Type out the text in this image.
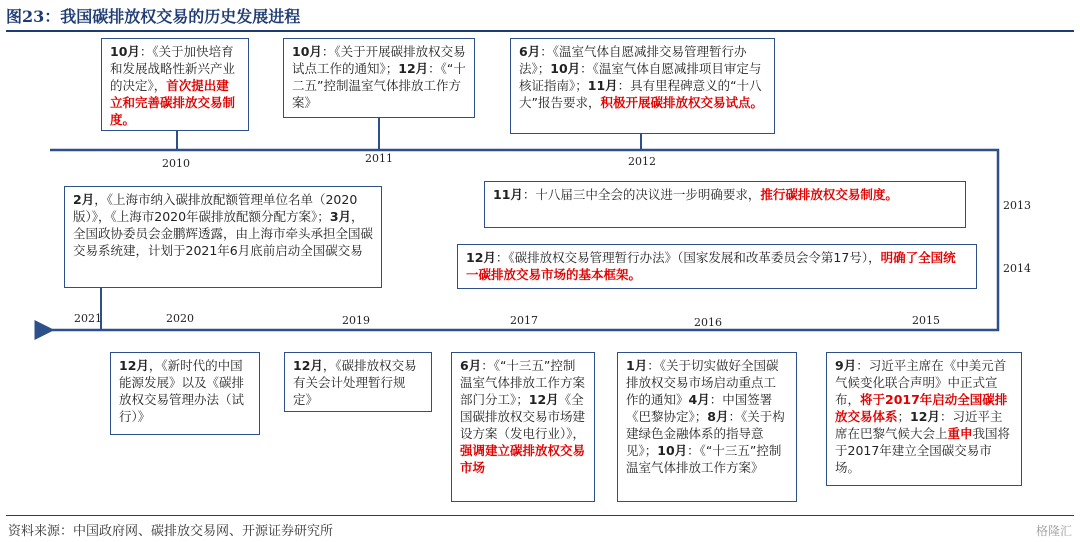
图23：我国碳排放权交易的历史发展进程
2010	2011	2012
2013
2014
2021	2020	2019	2017	2016	2015
10月：《关于加快培育和发展战略性新兴产业的决定》，首次提出建立和完善碳排放交易制度。
10月：《关于开展碳排放权交易试点工作的通知》；12月：《“十二五”控制温室气体排放工作方案》
6月：《温室气体自愿减排交易管理暂行办法》；10月：《温室气体自愿减排项目审定与核证指南》；11月：具有里程碑意义的“十八大”报告要求，积极开展碳排放权交易试点。
2月，《上海市纳入碳排放配额管理单位名单（2020版）》，《上海市2020年碳排放配额分配方案》；3月，全国政协委员会金鹏辉透露，由上海市牵头承担全国碳交易系统建，计划于2021年6月底前启动全国碳交易
11月：十八届三中全会的决议进一步明确要求，推行碳排放权交易制度。
12月：《碳排放权交易管理暂行办法》（国家发展和改革委员会令第17号），明确了全国统一碳排放交易市场的基本框架。
12月，《新时代的中国能源发展》以及《碳排放权交易管理办法（试行）》
12月，《碳排放权交易有关会计处理暂行规定》
6月：《“十三五”控制温室气体排放工作方案部门分工》；12月《全国碳排放权交易市场建设方案（发电行业）》，强调建立碳排放权交易市场
1月：《关于切实做好全国碳排放权交易市场启动重点工作的通知》4月：中国签署《巴黎协定》；8月：《关于构建绿色金融体系的指导意见》；10月：《“十三五”控制温室气体排放工作方案》
9月：习近平主席在《中美元首气候变化联合声明》中正式宣布，将于2017年启动全国碳排放交易体系；12月：习近平主席在巴黎气候大会上重申我国将于2017年建立全国碳交易市场。
资料来源：中国政府网、碳排放交易网、开源证券研究所	格隆汇
